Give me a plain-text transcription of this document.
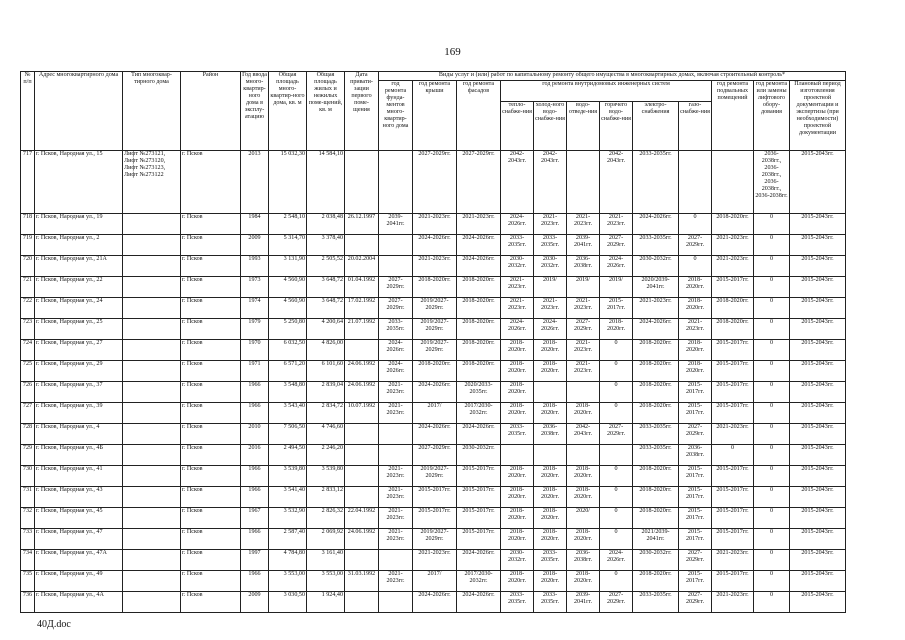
169
№ п/п	Адрес многоквартирного дома	Тип многоквар-тирного дома	Район	Год ввода много-квартир-ного дома в эксплу-атацию	Общая площадь много-квартир-ного дома, кв. м	Общая площадь жилых и нежилых поме-щений, кв. м	Дата привати-зации первого поме-щения	Виды услуг и (или) работ по капитальному ремонту общего имущества в многоквартирных домах, включая строительный контроль*											
								год ремонта фунда-ментов много-квартир-ного дома	год ремонта крыши	год ремонта фасадов	год ремонта внутридомовых инженерных систем						год ремонта подвальных помещений	год ремонта или замены лифтового обору-дования	Плановый период изготовления проектной документации и экспертизы (при необходимости) проектной документации
											тепло-снабже-ния	холод-ного водо-снабже-ния	водо-отведе-ния	горячего водо-снабже-ния	электро-снабжения	газо-снабже-ния			
717	г. Псков, Народная ул., 15	Лифт №273121, Лифт №273120, Лифт №273123, Лифт №273122	г. Псков	2013	15 032,30	14 584,10			2027-2029гг.	2027-2029гг.	2042-2043гг.	2042-2043гг.		2042-2043гг.	2033-2035гг.			2036-2038гг., 2036-2038гг., 2036-2038гг., 2036-2038гг.	2015-2043гг.
718	г. Псков, Народная ул., 19		г. Псков	1984	2 548,10	2 038,48	26.12.1997	2039-2041гг.	2021-2023гг.	2021-2023гг.	2024-2026гг.	2021-2023гг.	2021-2023гг.	2021-2023гг.	2024-2026гг.	0	2018-2020гг.	0	2015-2043гг.
719	г. Псков, Народная ул., 2		г. Псков	2009	5 314,70	3 378,40			2024-2026гг.	2024-2026гг.	2033-2035гг.	2033-2035гг.	2039-2041гг.	2027-2029гг.	2033-2035гг.	2027-2029гг.	2021-2023гг.	0	2015-2043гг.
720	г. Псков, Народная ул., 21А		г. Псков	1993	3 131,90	2 505,52	20.02.2004		2021-2023гг.	2024-2026гг.	2030-2032гг.	2030-2032гг.	2036-2038гг.	2024-2026гг.	2030-2032гг.	0	2021-2023гг.	0	2015-2043гг.
721	г. Псков, Народная ул., 22		г. Псков	1973	4 560,90	3 648,72	01.04.1992	2027-2029гг.	2018-2020гг.	2018-2020гг.	2021-2023гг.	2019/	2019/	2019/	2020/2039-2041гг.	2018-2020гг.	2015-2017гг.	0	2015-2043гг.
722	г. Псков, Народная ул., 24		г. Псков	1974	4 560,90	3 648,72	17.02.1992	2027-2029гг.	2019/2027-2029гг.	2018-2020гг.	2021-2023гг.	2021-2023гг.	2021-2023гг.	2015-2017гг.	2021-2023гг.	2018-2020гг.	2018-2020гг.	0	2015-2043гг.
723	г. Псков, Народная ул., 25		г. Псков	1979	5 250,80	4 200,64	21.07.1992	2033-2035гг.	2019/2027-2029гг.	2018-2020гг.	2024-2026гг.	2024-2026гг.	2027-2029гг.	2018-2020гг.	2024-2026гг.	2021-2023гг.	2018-2020гг.	0	2015-2043гг.
724	г. Псков, Народная ул., 27		г. Псков	1970	6 032,50	4 826,00		2024-2026гг.	2019/2027-2029гг.	2018-2020гг.	2018-2020гг.	2018-2020гг.	2021-2023гг.	0	2018-2020гг.	2018-2020гг.	2015-2017гг.	0	2015-2043гг.
725	г. Псков, Народная ул., 29		г. Псков	1971	6 571,20	6 101,60	24.06.1992	2024-2026гг.	2018-2020гг.	2018-2020гг.	2018-2020гг.	2018-2020гг.	2021-2023гг.	0	2018-2020гг.	2018-2020гг.	2015-2017гг.	0	2015-2043гг.
726	г. Псков, Народная ул., 37		г. Псков	1966	3 548,80	2 839,04	24.06.1992	2021-2023гг.	2024-2026гг.	2020/2033-2035гг.	2018-2020гг.			0	2018-2020гг.	2015-2017гг.	2015-2017гг.	0	2015-2043гг.
727	г. Псков, Народная ул., 39		г. Псков	1966	3 543,40	2 834,72	10.07.1992	2021-2023гг.	2017/	2017/2030-2032гг.	2018-2020гг.	2018-2020гг.	2018-2020гг.	0	2018-2020гг.	2015-2017гг.	2015-2017гг.	0	2015-2043гг.
728	г. Псков, Народная ул., 4		г. Псков	2010	7 506,50	4 746,60			2024-2026гг.	2024-2026гг.	2033-2035гг.	2036-2038гг.	2042-2043гг.	2027-2029гг.	2033-2035гг.	2027-2029гг.	2021-2023гг.	0	2015-2043гг.
729	г. Псков, Народная ул., 4Б		г. Псков	2016	2 494,50	2 246,20			2027-2029гг.	2030-2032гг.					2033-2035гг.	2036-2038гг.	0	0	2015-2043гг.
730	г. Псков, Народная ул., 41		г. Псков	1966	3 539,80	3 539,80		2021-2023гг.	2019/2027-2029гг.	2015-2017гг.	2018-2020гг.	2018-2020гг.	2018-2020гг.	0	2018-2020гг.	2015-2017гг.	2015-2017гг.	0	2015-2043гг.
731	г. Псков, Народная ул., 43		г. Псков	1966	3 541,40	2 833,12		2021-2023гг.	2015-2017гг.	2015-2017гг.	2018-2020гг.	2018-2020гг.	2018-2020гг.	0	2018-2020гг.	2015-2017гг.	2015-2017гг.	0	2015-2043гг.
732	г. Псков, Народная ул., 45		г. Псков	1967	3 532,90	2 826,32	22.04.1992	2021-2023гг.	2015-2017гг.	2015-2017гг.	2018-2020гг.	2018-2020гг.	2020/	0	2018-2020гг.	2015-2017гг.	2015-2017гг.	0	2015-2043гг.
733	г. Псков, Народная ул., 47		г. Псков	1966	2 587,40	2 069,92	24.06.1992	2021-2023гг.	2019/2027-2029гг.	2015-2017гг.	2018-2020гг.	2018-2020гг.	2018-2020гг.	0	2021/2039-2041гг.	2015-2017гг.	2015-2017гг.	0	2015-2043гг.
734	г. Псков, Народная ул., 47А		г. Псков	1997	4 784,80	3 161,40			2021-2023гг.	2024-2026гг.	2030-2032гг.	2033-2035гг.	2036-2038гг.	2024-2026гг.	2030-2032гг.	2027-2029гг.	2021-2023гг.	0	2015-2043гг.
735	г. Псков, Народная ул., 49		г. Псков	1966	3 553,00	3 553,00	31.03.1992	2021-2023гг.	2017/	2017/2030-2032гг.	2018-2020гг.	2018-2020гг.	2018-2020гг.	0	2018-2020гг.	2015-2017гг.	2015-2017гг.	0	2015-2043гг.
736	г. Псков, Народная ул., 4А		г. Псков	2009	3 030,50	1 924,40			2024-2026гг.	2024-2026гг.	2033-2035гг.	2033-2035гг.	2039-2041гг.	2027-2029гг.	2033-2035гг.	2027-2029гг.	2021-2023гг.	0	2015-2043гг.
40Д.doc
